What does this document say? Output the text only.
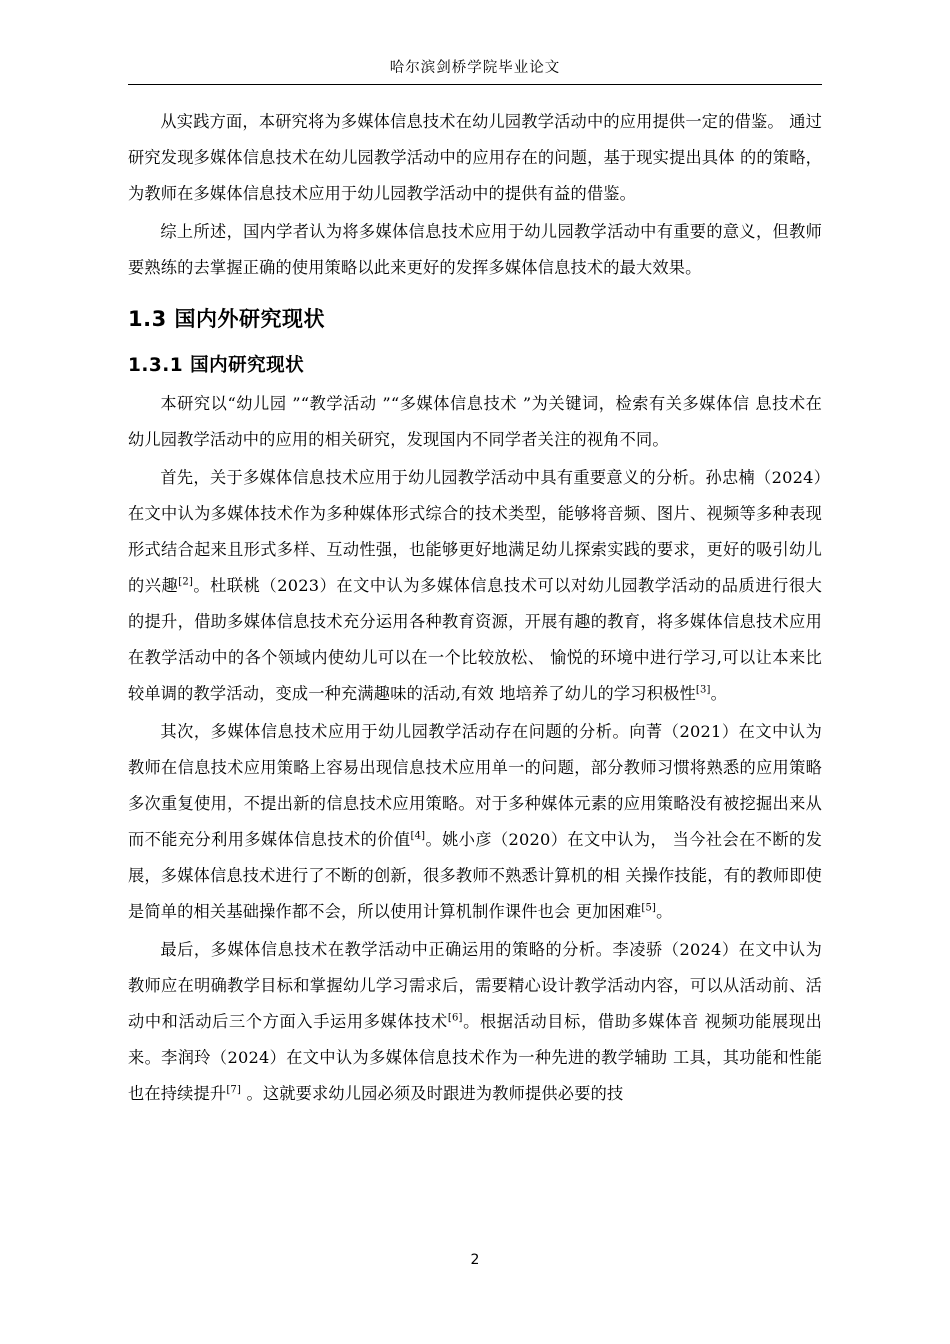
哈尔滨剑桥学院毕业论文

从实践方面，本研究将为多媒体信息技术在幼儿园教学活动中的应用提供一定的借鉴。 通过研究发现多媒体信息技术在幼儿园教学活动中的应用存在的问题，基于现实提出具体 的的策略，为教师在多媒体信息技术应用于幼儿园教学活动中的提供有益的借鉴。

综上所述，国内学者认为将多媒体信息技术应用于幼儿园教学活动中有重要的意义，但教师要熟练的去掌握正确的使用策略以此来更好的发挥多媒体信息技术的最大效果。

1.3 国内外研究现状
1.3.1 国内研究现状

本研究以“幼儿园 ”“教学活动 ”“多媒体信息技术 ”为关键词，检索有关多媒体信 息技术在幼儿园教学活动中的应用的相关研究，发现国内不同学者关注的视角不同。

首先，关于多媒体信息技术应用于幼儿园教学活动中具有重要意义的分析。孙忠楠（2024）在文中认为多媒体技术作为多种媒体形式综合的技术类型，能够将音频、图片、视频等多种表现形式结合起来且形式多样、互动性强，也能够更好地满足幼儿探索实践的要求，更好的吸引幼儿的兴趣[2]。杜联桃（2023）在文中认为多媒体信息技术可以对幼儿园教学活动的品质进行很大的提升，借助多媒体信息技术充分运用各种教育资源，开展有趣的教育，将多媒体信息技术应用在教学活动中的各个领域内使幼儿可以在一个比较放松、 愉悦的环境中进行学习,可以让本来比较单调的教学活动，变成一种充满趣味的活动,有效 地培养了幼儿的学习积极性[3]。

其次，多媒体信息技术应用于幼儿园教学活动存在问题的分析。向菁（2021）在文中认为教师在信息技术应用策略上容易出现信息技术应用单一的问题，部分教师习惯将熟悉的应用策略多次重复使用，不提出新的信息技术应用策略。对于多种媒体元素的应用策略没有被挖掘出来从而不能充分利用多媒体信息技术的价值[4]。姚小彦（2020）在文中认为， 当今社会在不断的发展，多媒体信息技术进行了不断的创新，很多教师不熟悉计算机的相 关操作技能，有的教师即使是简单的相关基础操作都不会，所以使用计算机制作课件也会 更加困难[5]。

最后，多媒体信息技术在教学活动中正确运用的策略的分析。李凌骄（2024）在文中认为教师应在明确教学目标和掌握幼儿学习需求后，需要精心设计教学活动内容，可以从活动前、活动中和活动后三个方面入手运用多媒体技术[6]。根据活动目标，借助多媒体音 视频功能展现出来。李润玲（2024）在文中认为多媒体信息技术作为一种先进的教学辅助 工具，其功能和性能也在持续提升[7] 。这就要求幼儿园必须及时跟进为教师提供必要的技

2
